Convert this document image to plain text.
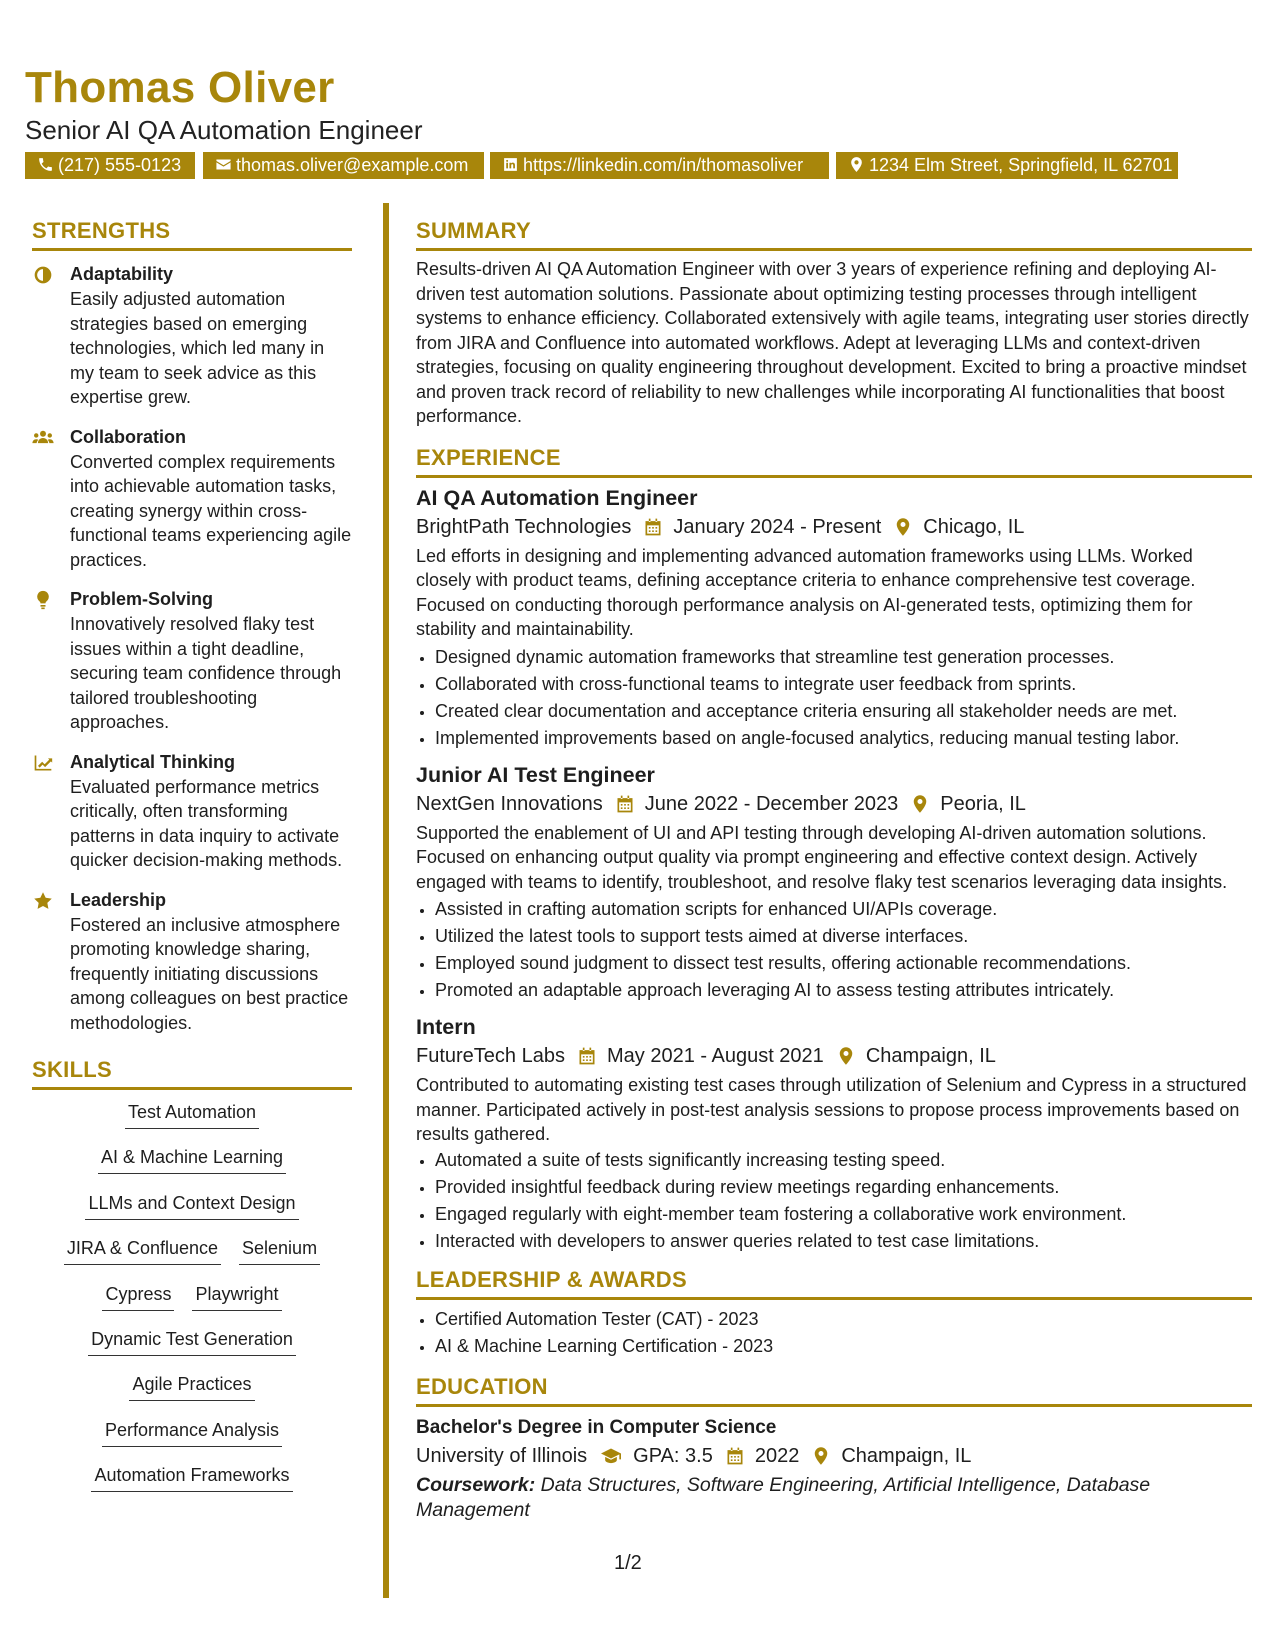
Thomas Oliver
Senior AI QA Automation Engineer
(217) 555-0123	thomas.oliver@example.com	https://linkedin.com/in/thomasoliver	1234 Elm Street, Springfield, IL 62701
STRENGTHS
Adaptability
Easily adjusted automation strategies based on emerging technologies, which led many in my team to seek advice as this expertise grew.
Collaboration
Converted complex requirements into achievable automation tasks, creating synergy within cross-functional teams experiencing agile practices.
Problem-Solving
Innovatively resolved flaky test issues within a tight deadline, securing team confidence through tailored troubleshooting approaches.
Analytical Thinking
Evaluated performance metrics critically, often transforming patterns in data inquiry to activate quicker decision-making methods.
Leadership
Fostered an inclusive atmosphere promoting knowledge sharing, frequently initiating discussions among colleagues on best practice methodologies.
SKILLS
Test Automation
AI & Machine Learning
LLMs and Context Design
JIRA & Confluence Selenium
Cypress Playwright
Dynamic Test Generation
Agile Practices
Performance Analysis
Automation Frameworks
SUMMARY
Results-driven AI QA Automation Engineer with over 3 years of experience refining and deploying AI-driven test automation solutions. Passionate about optimizing testing processes through intelligent systems to enhance efficiency. Collaborated extensively with agile teams, integrating user stories directly from JIRA and Confluence into automated workflows. Adept at leveraging LLMs and context-driven strategies, focusing on quality engineering throughout development. Excited to bring a proactive mindset and proven track record of reliability to new challenges while incorporating AI functionalities that boost performance.
EXPERIENCE
AI QA Automation Engineer
BrightPath Technologies January 2024 - Present Chicago, IL
Led efforts in designing and implementing advanced automation frameworks using LLMs. Worked closely with product teams, defining acceptance criteria to enhance comprehensive test coverage. Focused on conducting thorough performance analysis on AI-generated tests, optimizing them for stability and maintainability.
• Designed dynamic automation frameworks that streamline test generation processes.
• Collaborated with cross-functional teams to integrate user feedback from sprints.
• Created clear documentation and acceptance criteria ensuring all stakeholder needs are met.
• Implemented improvements based on angle-focused analytics, reducing manual testing labor.
Junior AI Test Engineer
NextGen Innovations June 2022 - December 2023 Peoria, IL
Supported the enablement of UI and API testing through developing AI-driven automation solutions. Focused on enhancing output quality via prompt engineering and effective context design. Actively engaged with teams to identify, troubleshoot, and resolve flaky test scenarios leveraging data insights.
• Assisted in crafting automation scripts for enhanced UI/APIs coverage.
• Utilized the latest tools to support tests aimed at diverse interfaces.
• Employed sound judgment to dissect test results, offering actionable recommendations.
• Promoted an adaptable approach leveraging AI to assess testing attributes intricately.
Intern
FutureTech Labs May 2021 - August 2021 Champaign, IL
Contributed to automating existing test cases through utilization of Selenium and Cypress in a structured manner. Participated actively in post-test analysis sessions to propose process improvements based on results gathered.
• Automated a suite of tests significantly increasing testing speed.
• Provided insightful feedback during review meetings regarding enhancements.
• Engaged regularly with eight-member team fostering a collaborative work environment.
• Interacted with developers to answer queries related to test case limitations.
LEADERSHIP & AWARDS
• Certified Automation Tester (CAT) - 2023
• AI & Machine Learning Certification - 2023
EDUCATION
Bachelor's Degree in Computer Science
University of Illinois GPA: 3.5 2022 Champaign, IL
Coursework: Data Structures, Software Engineering, Artificial Intelligence, Database Management
1/2
